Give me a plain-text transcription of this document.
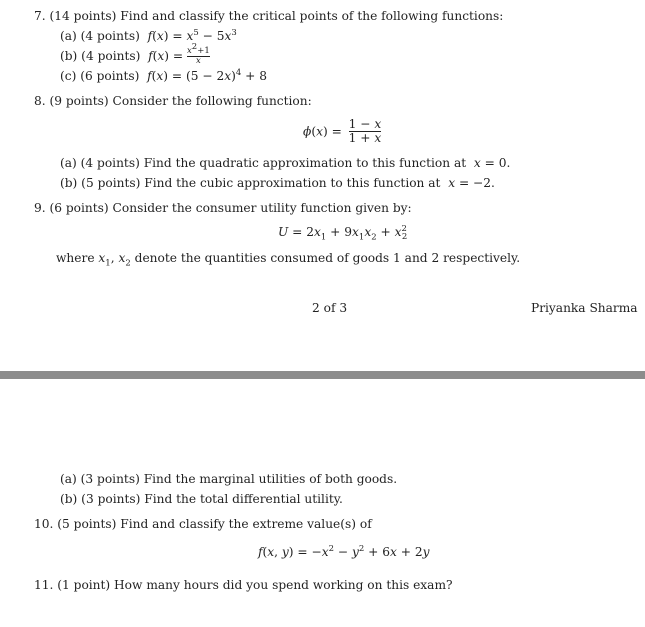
7. (14 points) Find and classify the critical points of the following functions:
(a) (4 points) $f(x) = x^5 - 5x^3$
(b) (4 points) $f(x) = \frac{x^2+1}{x}$
(c) (6 points) $f(x) = (5 - 2x)^4 + 8$
8. (9 points) Consider the following function:
$\phi(x) = \frac{1 - x}{1 + x}$
(a) (4 points) Find the quadratic approximation to this function at x = 0.
(b) (5 points) Find the cubic approximation to this function at x = −2.
9. (6 points) Consider the consumer utility function given by:
$U = 2x_1 + 9x_1x_2 + x^2_2$
where $x_1$, $x_2$ denote the quantities consumed of goods 1 and 2 respectively.
2 of 3	Priyanka Sharma
(a) (3 points) Find the marginal utilities of both goods.
(b) (3 points) Find the total differential utility.
10. (5 points) Find and classify the extreme value(s) of
f(x, $y) = -x^2 - y^2 + 6x + 2y$
11. (1 point) How many hours did you spend working on this exam?
